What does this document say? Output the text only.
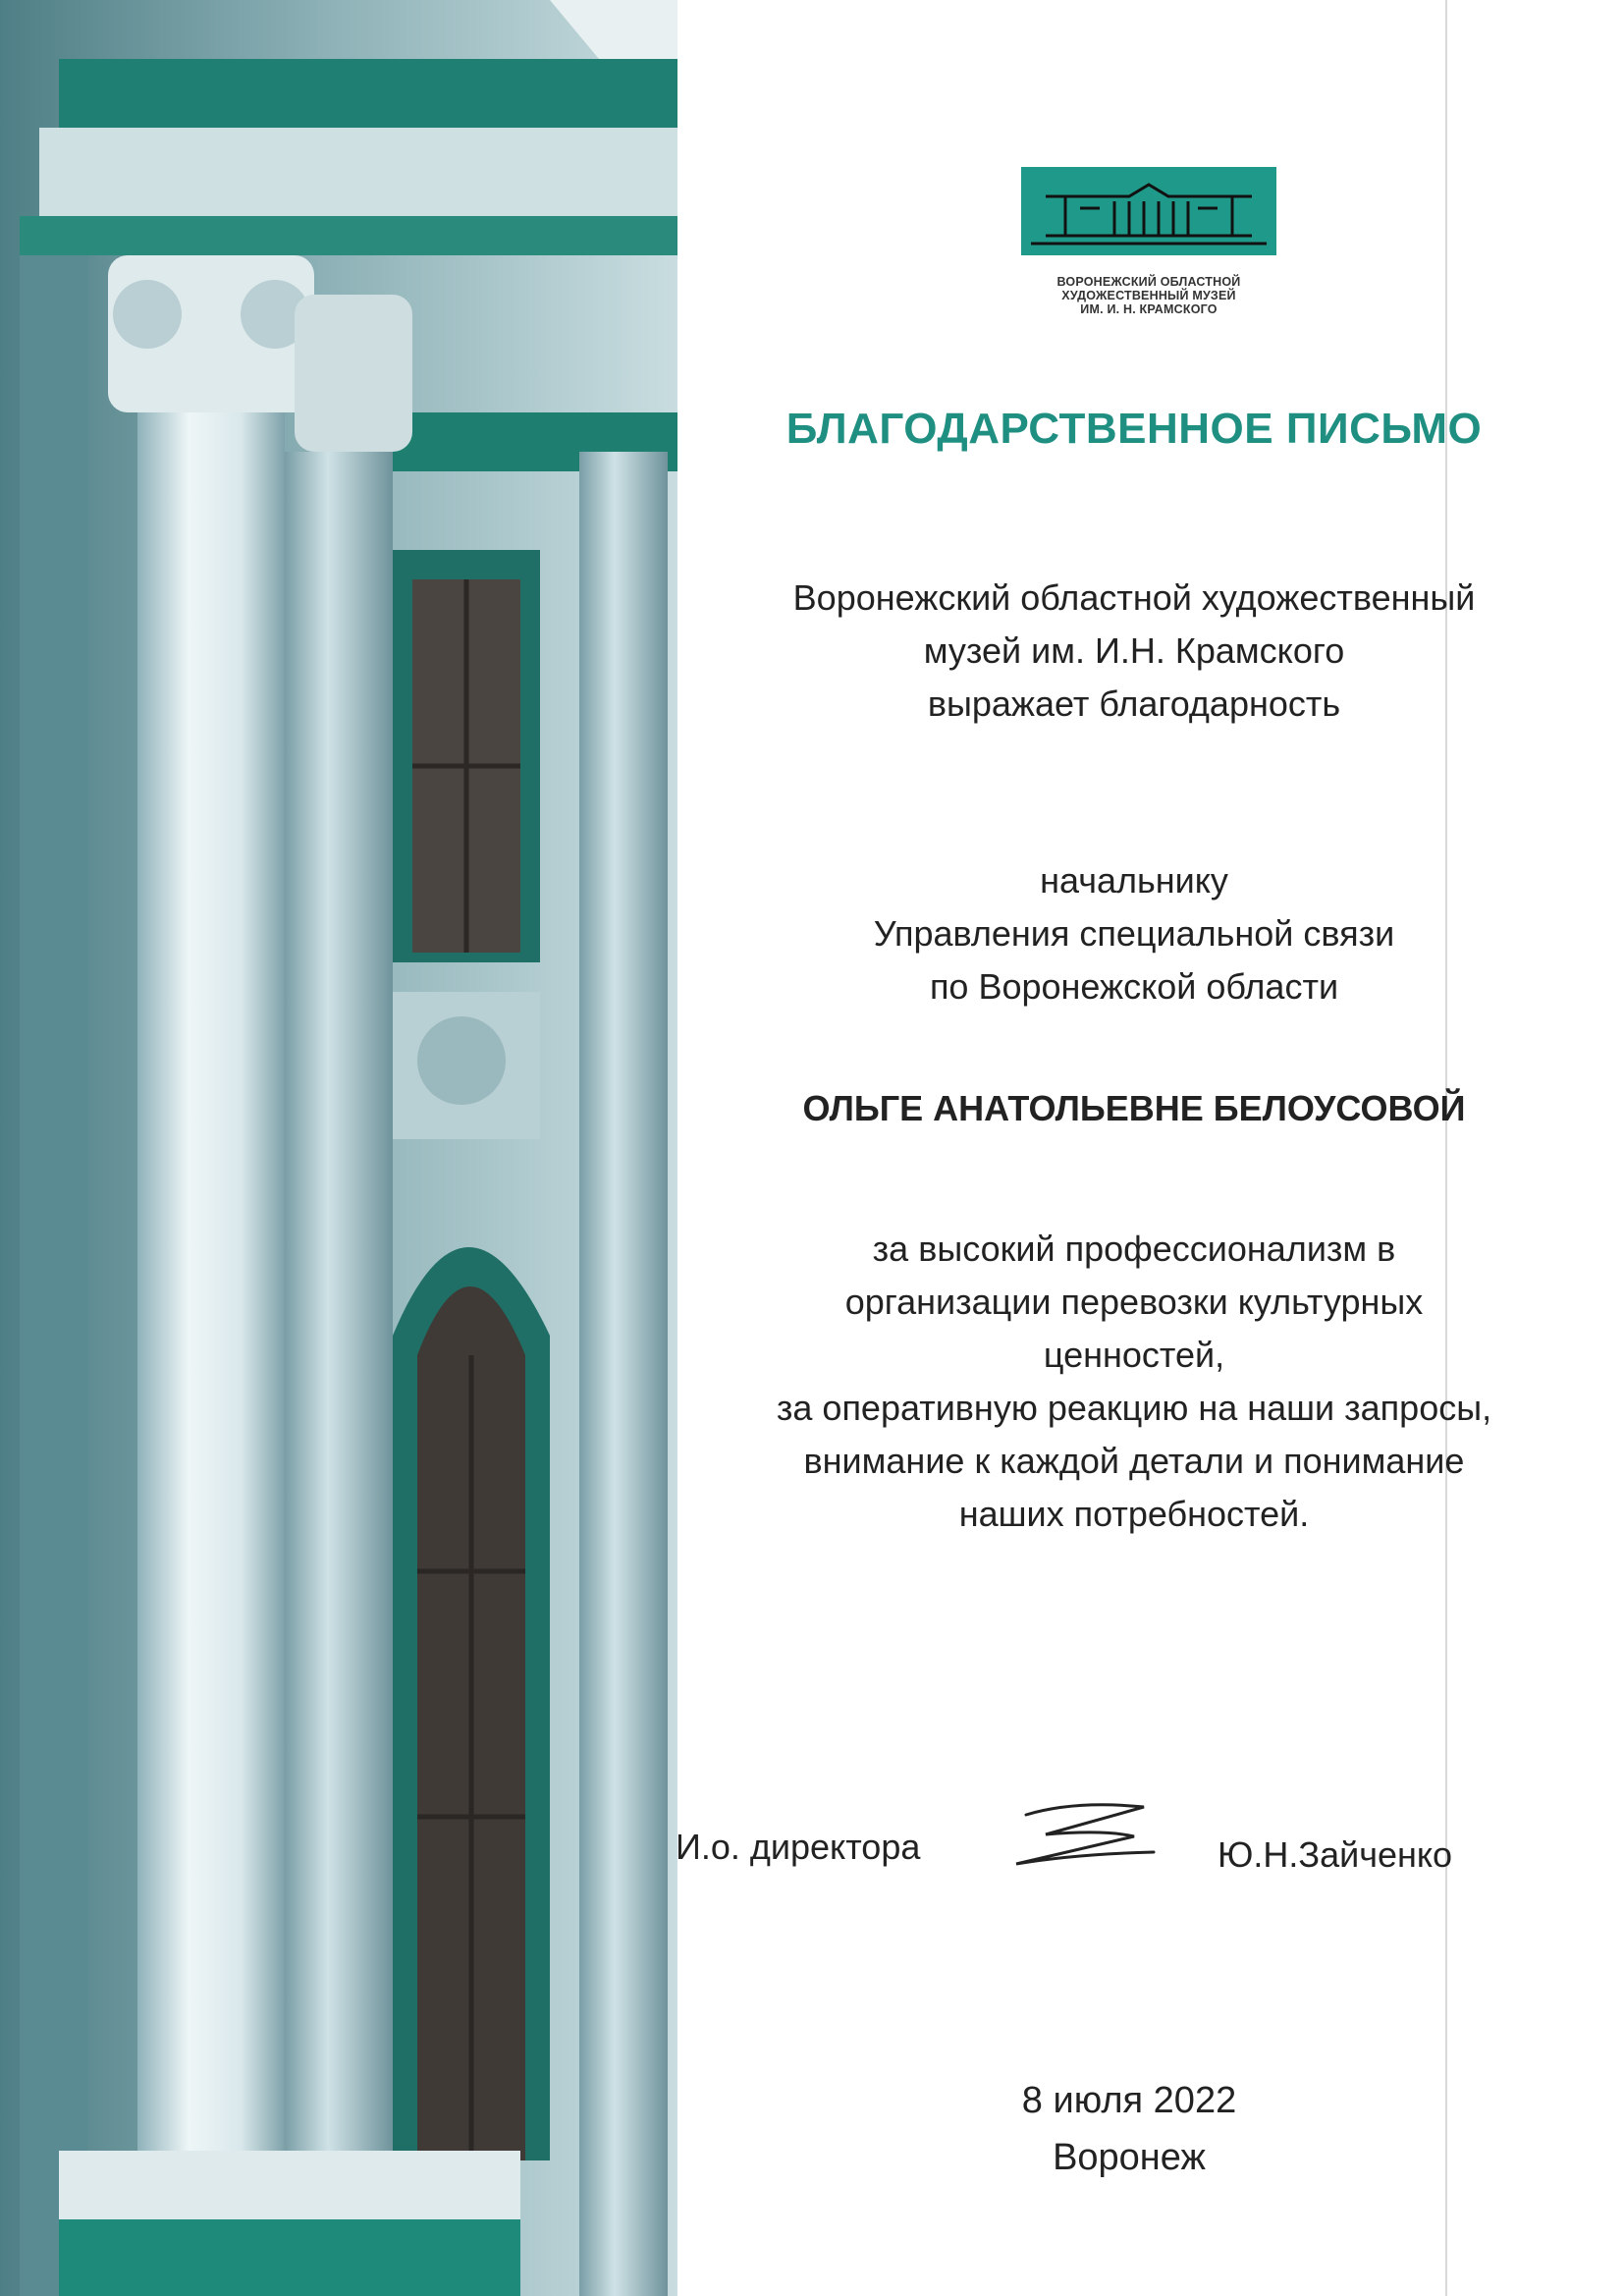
ВОРОНЕЖСКИЙ ОБЛАСТНОЙ
ХУДОЖЕСТВЕННЫЙ МУЗЕЙ
ИМ. И. Н. КРАМСКОГО
БЛАГОДАРСТВЕННОЕ ПИСЬМО
Воронежский областной художественный
музей им. И.Н. Крамского
выражает благодарность
начальнику
Управления специальной связи
по Воронежской области
ОЛЬГЕ АНАТОЛЬЕВНЕ БЕЛОУСОВОЙ
за высокий профессионализм в
организации перевозки культурных
ценностей,
за оперативную реакцию на наши запросы,
внимание к каждой детали и понимание
наших потребностей.
И.о. директора	Ю.Н.Зайченко
8 июля 2022
Воронеж
